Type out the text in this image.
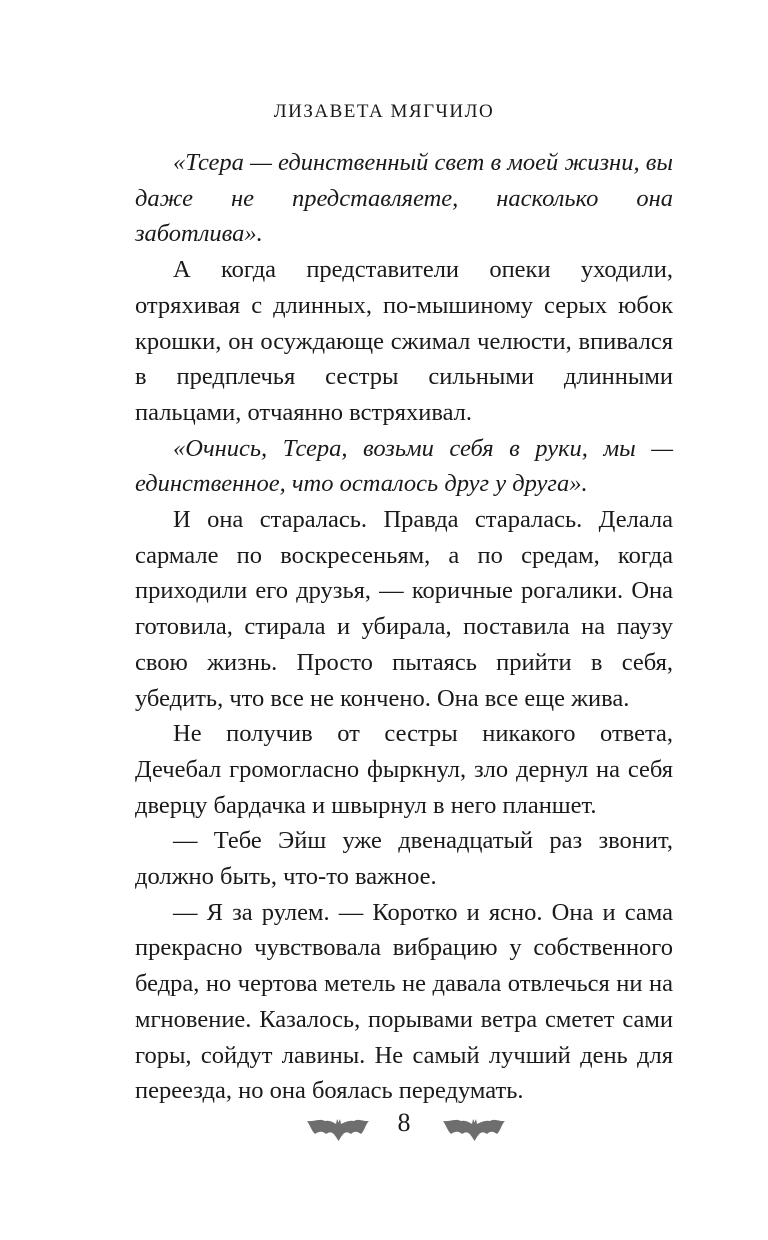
ЛИЗАВЕТА МЯГЧИЛО

«Тсера — единственный свет в моей жизни, вы даже не представляете, насколько она заботлива».

А когда представители опеки уходили, отряхивая с длинных, по-мышиному серых юбок крошки, он осуждающе сжимал челюсти, впивался в предплечья сестры сильными длинными пальцами, отчаянно встряхивал.

«Очнись, Тсера, возьми себя в руки, мы — единственное, что осталось друг у друга».

И она старалась. Правда старалась. Делала сармале по воскресеньям, а по средам, когда приходили его друзья, — коричные рогалики. Она готовила, стирала и убирала, поставила на паузу свою жизнь. Просто пытаясь прийти в себя, убедить, что все не кончено. Она все еще жива.

Не получив от сестры никакого ответа, Дечебал громогласно фыркнул, зло дернул на себя дверцу бардачка и швырнул в него планшет.

— Тебе Эйш уже двенадцатый раз звонит, должно быть, что-то важное.

— Я за рулем. — Коротко и ясно. Она и сама прекрасно чувствовала вибрацию у собственного бедра, но чертова метель не давала отвлечься ни на мгновение. Казалось, порывами ветра сметет сами горы, сойдут лавины. Не самый лучший день для переезда, но она боялась передумать.

8
